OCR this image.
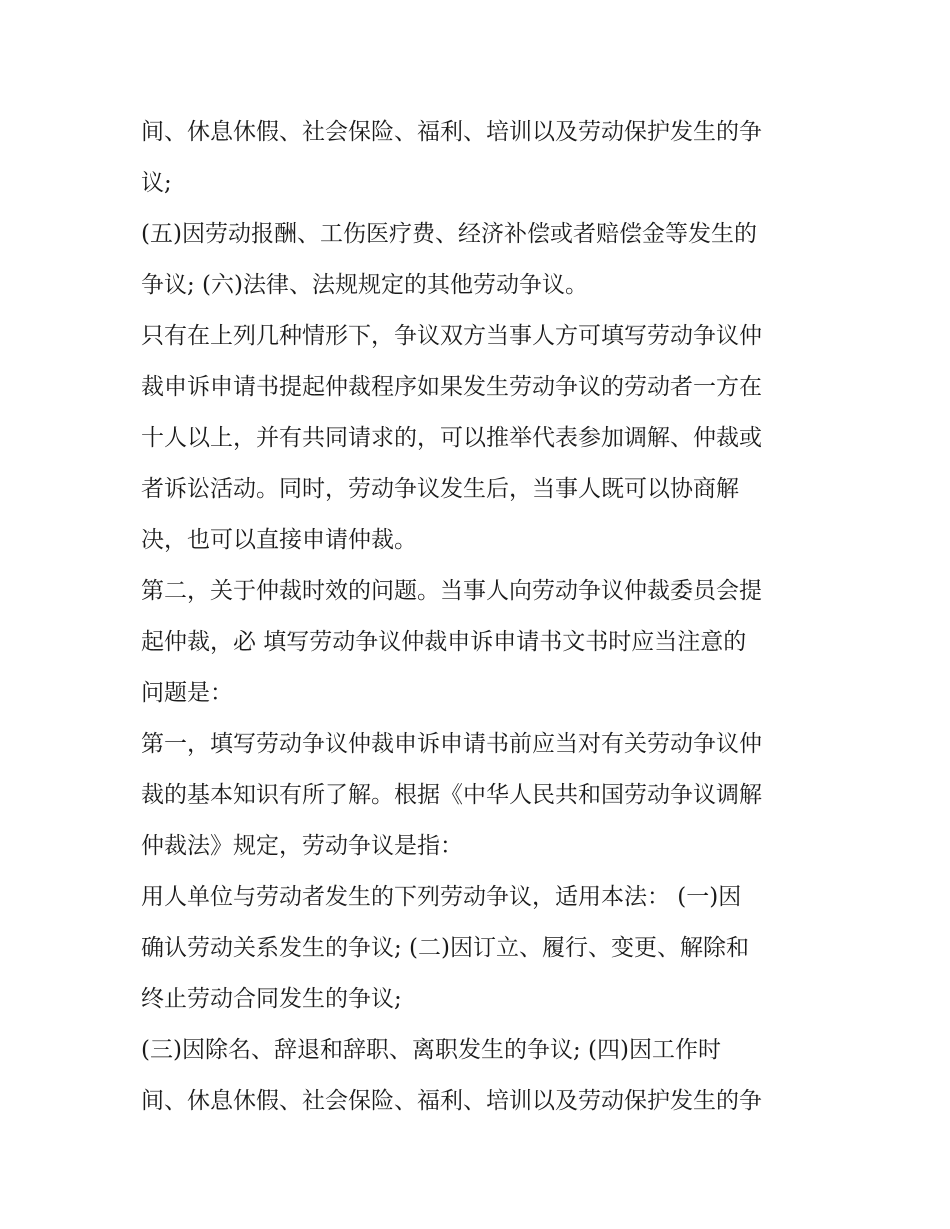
间、休息休假、社会保险、福利、培训以及劳动保护发生的争
议;
(五)因劳动报酬、工伤医疗费、经济补偿或者赔偿金等发生的
争议; (六)法律、法规规定的其他劳动争议。
只有在上列几种情形下，争议双方当事人方可填写劳动争议仲
裁申诉申请书提起仲裁程序如果发生劳动争议的劳动者一方在
十人以上，并有共同请求的，可以推举代表参加调解、仲裁或
者诉讼活动。同时，劳动争议发生后，当事人既可以协商解
决，也可以直接申请仲裁。
第二，关于仲裁时效的问题。当事人向劳动争议仲裁委员会提
起仲裁，必 填写劳动争议仲裁申诉申请书文书时应当注意的
问题是：
第一，填写劳动争议仲裁申诉申请书前应当对有关劳动争议仲
裁的基本知识有所了解。根据《中华人民共和国劳动争议调解
仲裁法》规定，劳动争议是指：
用人单位与劳动者发生的下列劳动争议，适用本法： (一)因
确认劳动关系发生的争议; (二)因订立、履行、变更、解除和
终止劳动合同发生的争议;
(三)因除名、辞退和辞职、离职发生的争议; (四)因工作时
间、休息休假、社会保险、福利、培训以及劳动保护发生的争
